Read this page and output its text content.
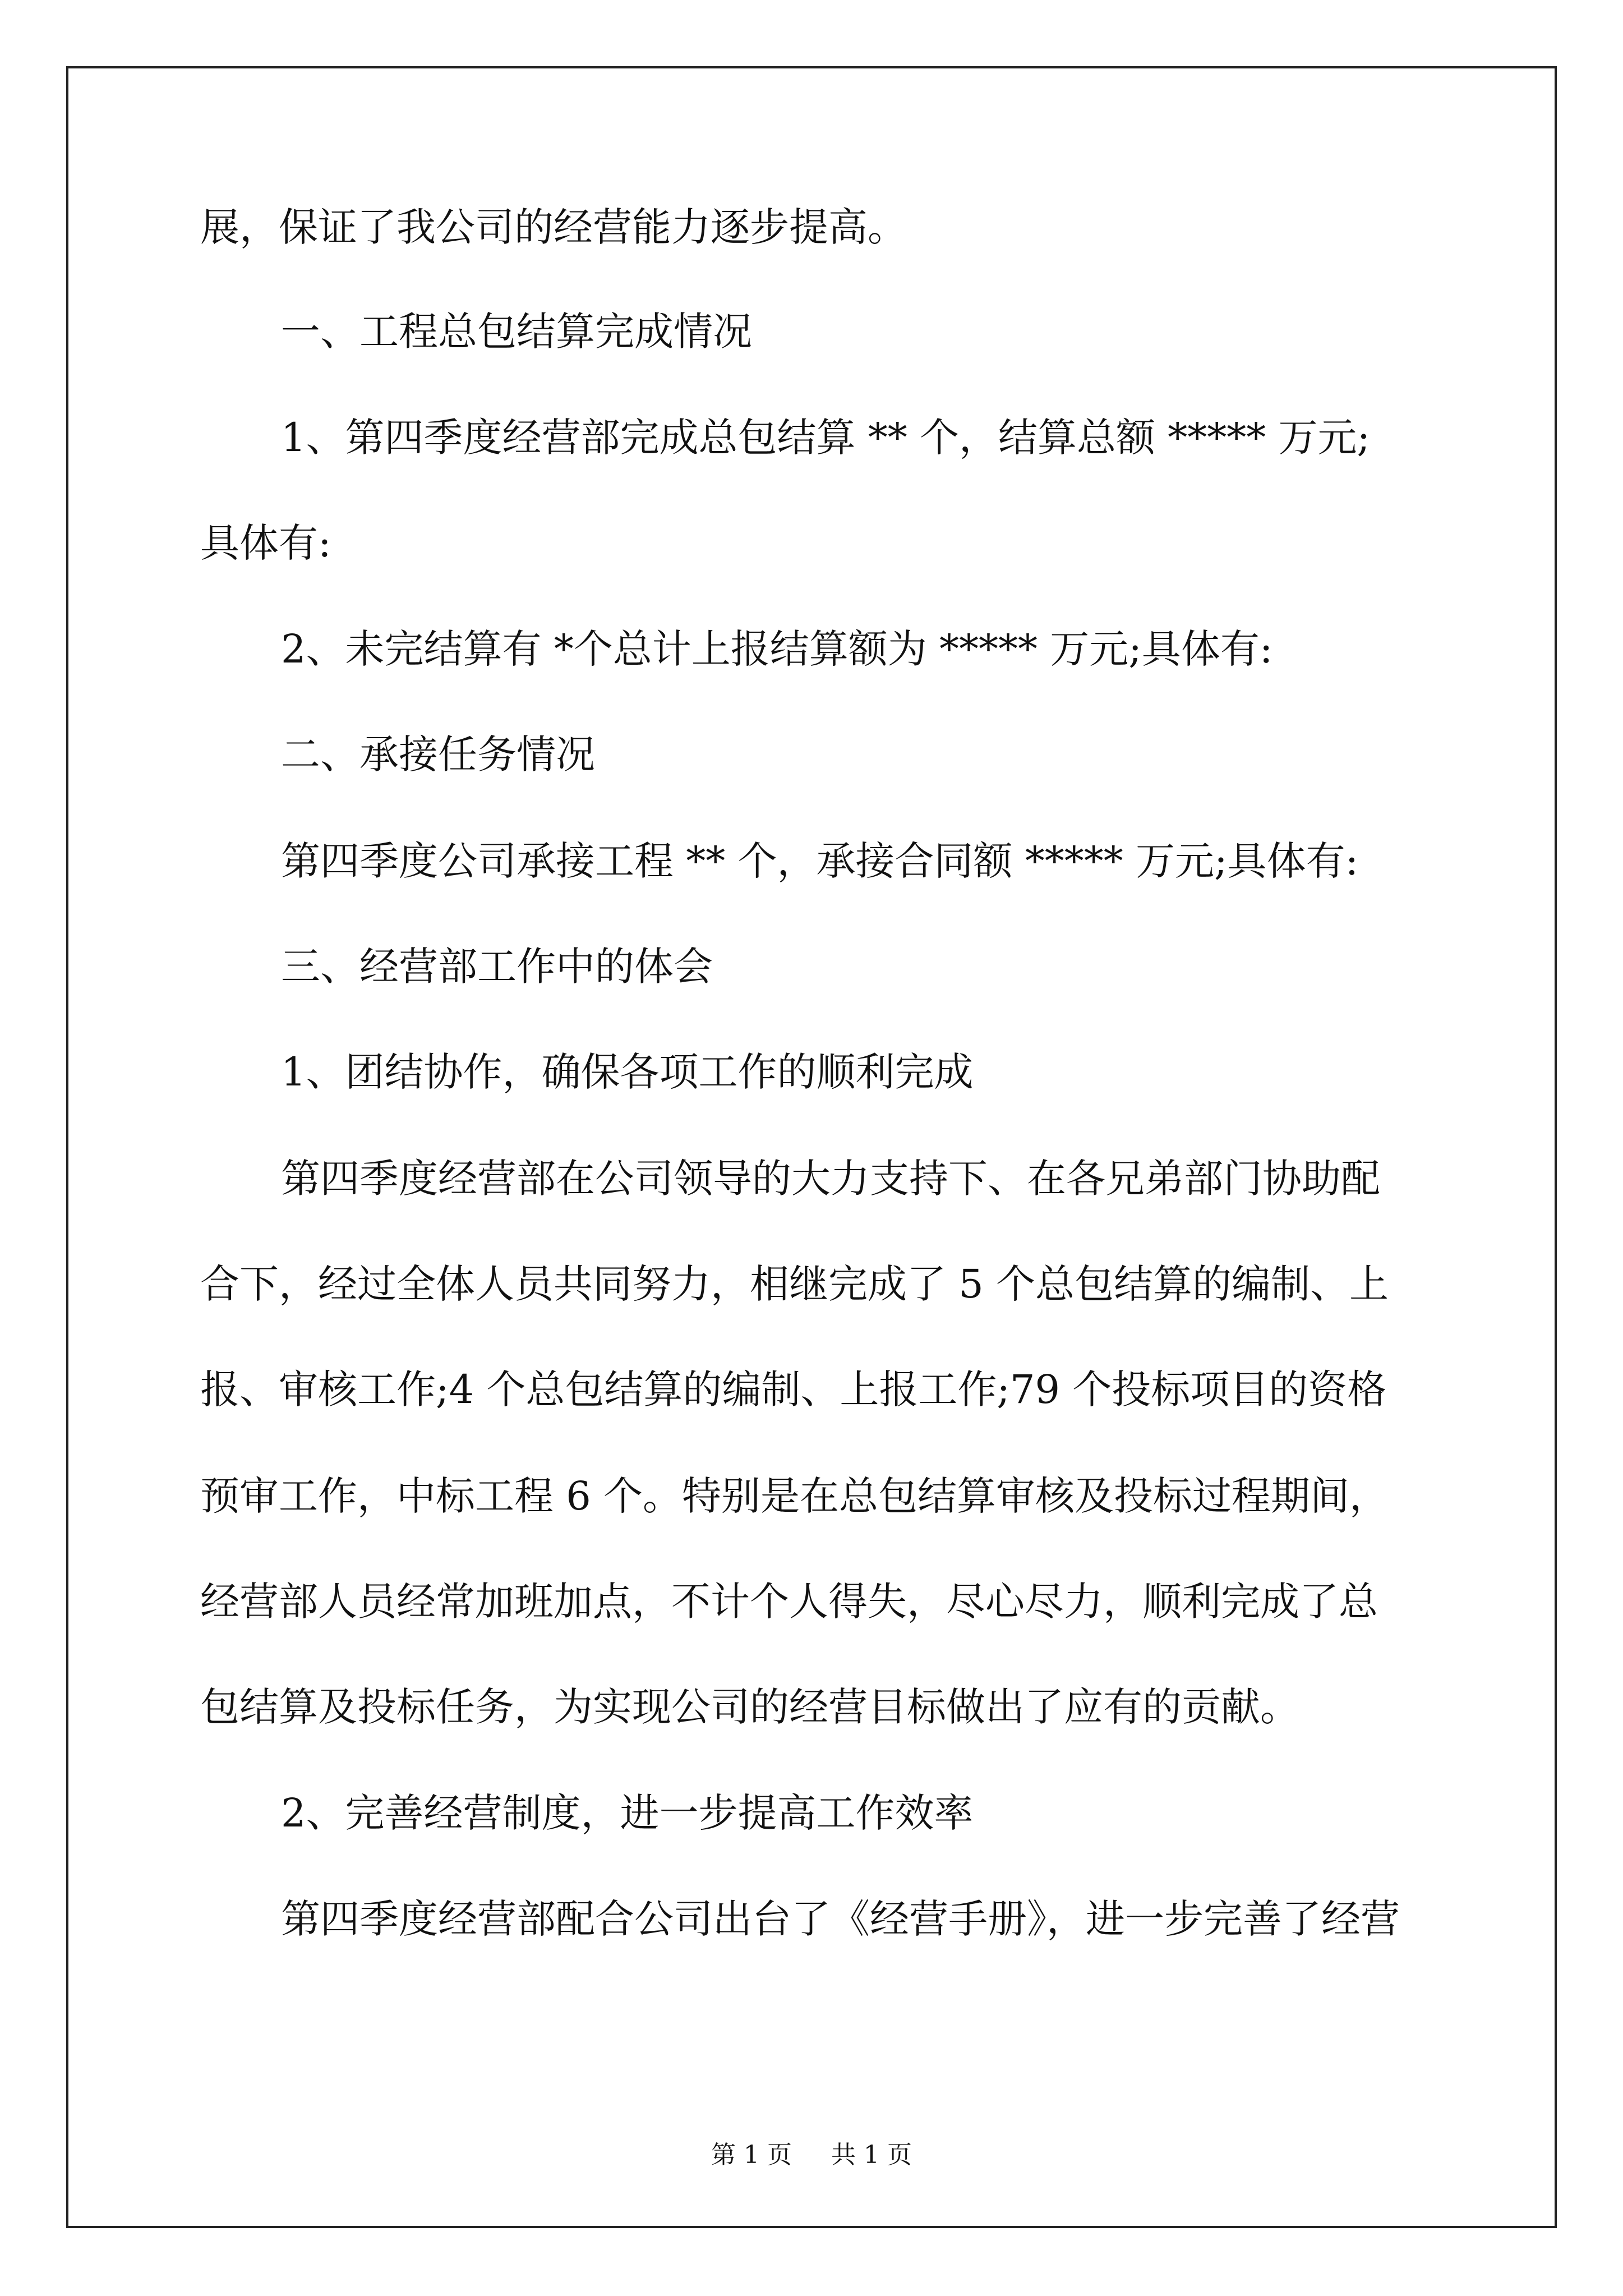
展，保证了我公司的经营能力逐步提高。
一、工程总包结算完成情况
1、第四季度经营部完成总包结算 ** 个，结算总额 ***** 万元;
具体有:
2、未完结算有 *个总计上报结算额为 ***** 万元;具体有:
二、承接任务情况
第四季度公司承接工程 ** 个，承接合同额 ***** 万元;具体有:
三、经营部工作中的体会
1、团结协作，确保各项工作的顺利完成
第四季度经营部在公司领导的大力支持下、在各兄弟部门协助配
合下，经过全体人员共同努力，相继完成了 5 个总包结算的编制、上
报、审核工作;4 个总包结算的编制、上报工作;79 个投标项目的资格
预审工作，中标工程 6 个。特别是在总包结算审核及投标过程期间，
经营部人员经常加班加点，不计个人得失，尽心尽力，顺利完成了总
包结算及投标任务，为实现公司的经营目标做出了应有的贡献。
2、完善经营制度，进一步提高工作效率
第四季度经营部配合公司出台了《经营手册》，进一步完善了经营
第 1 页 共 1 页
